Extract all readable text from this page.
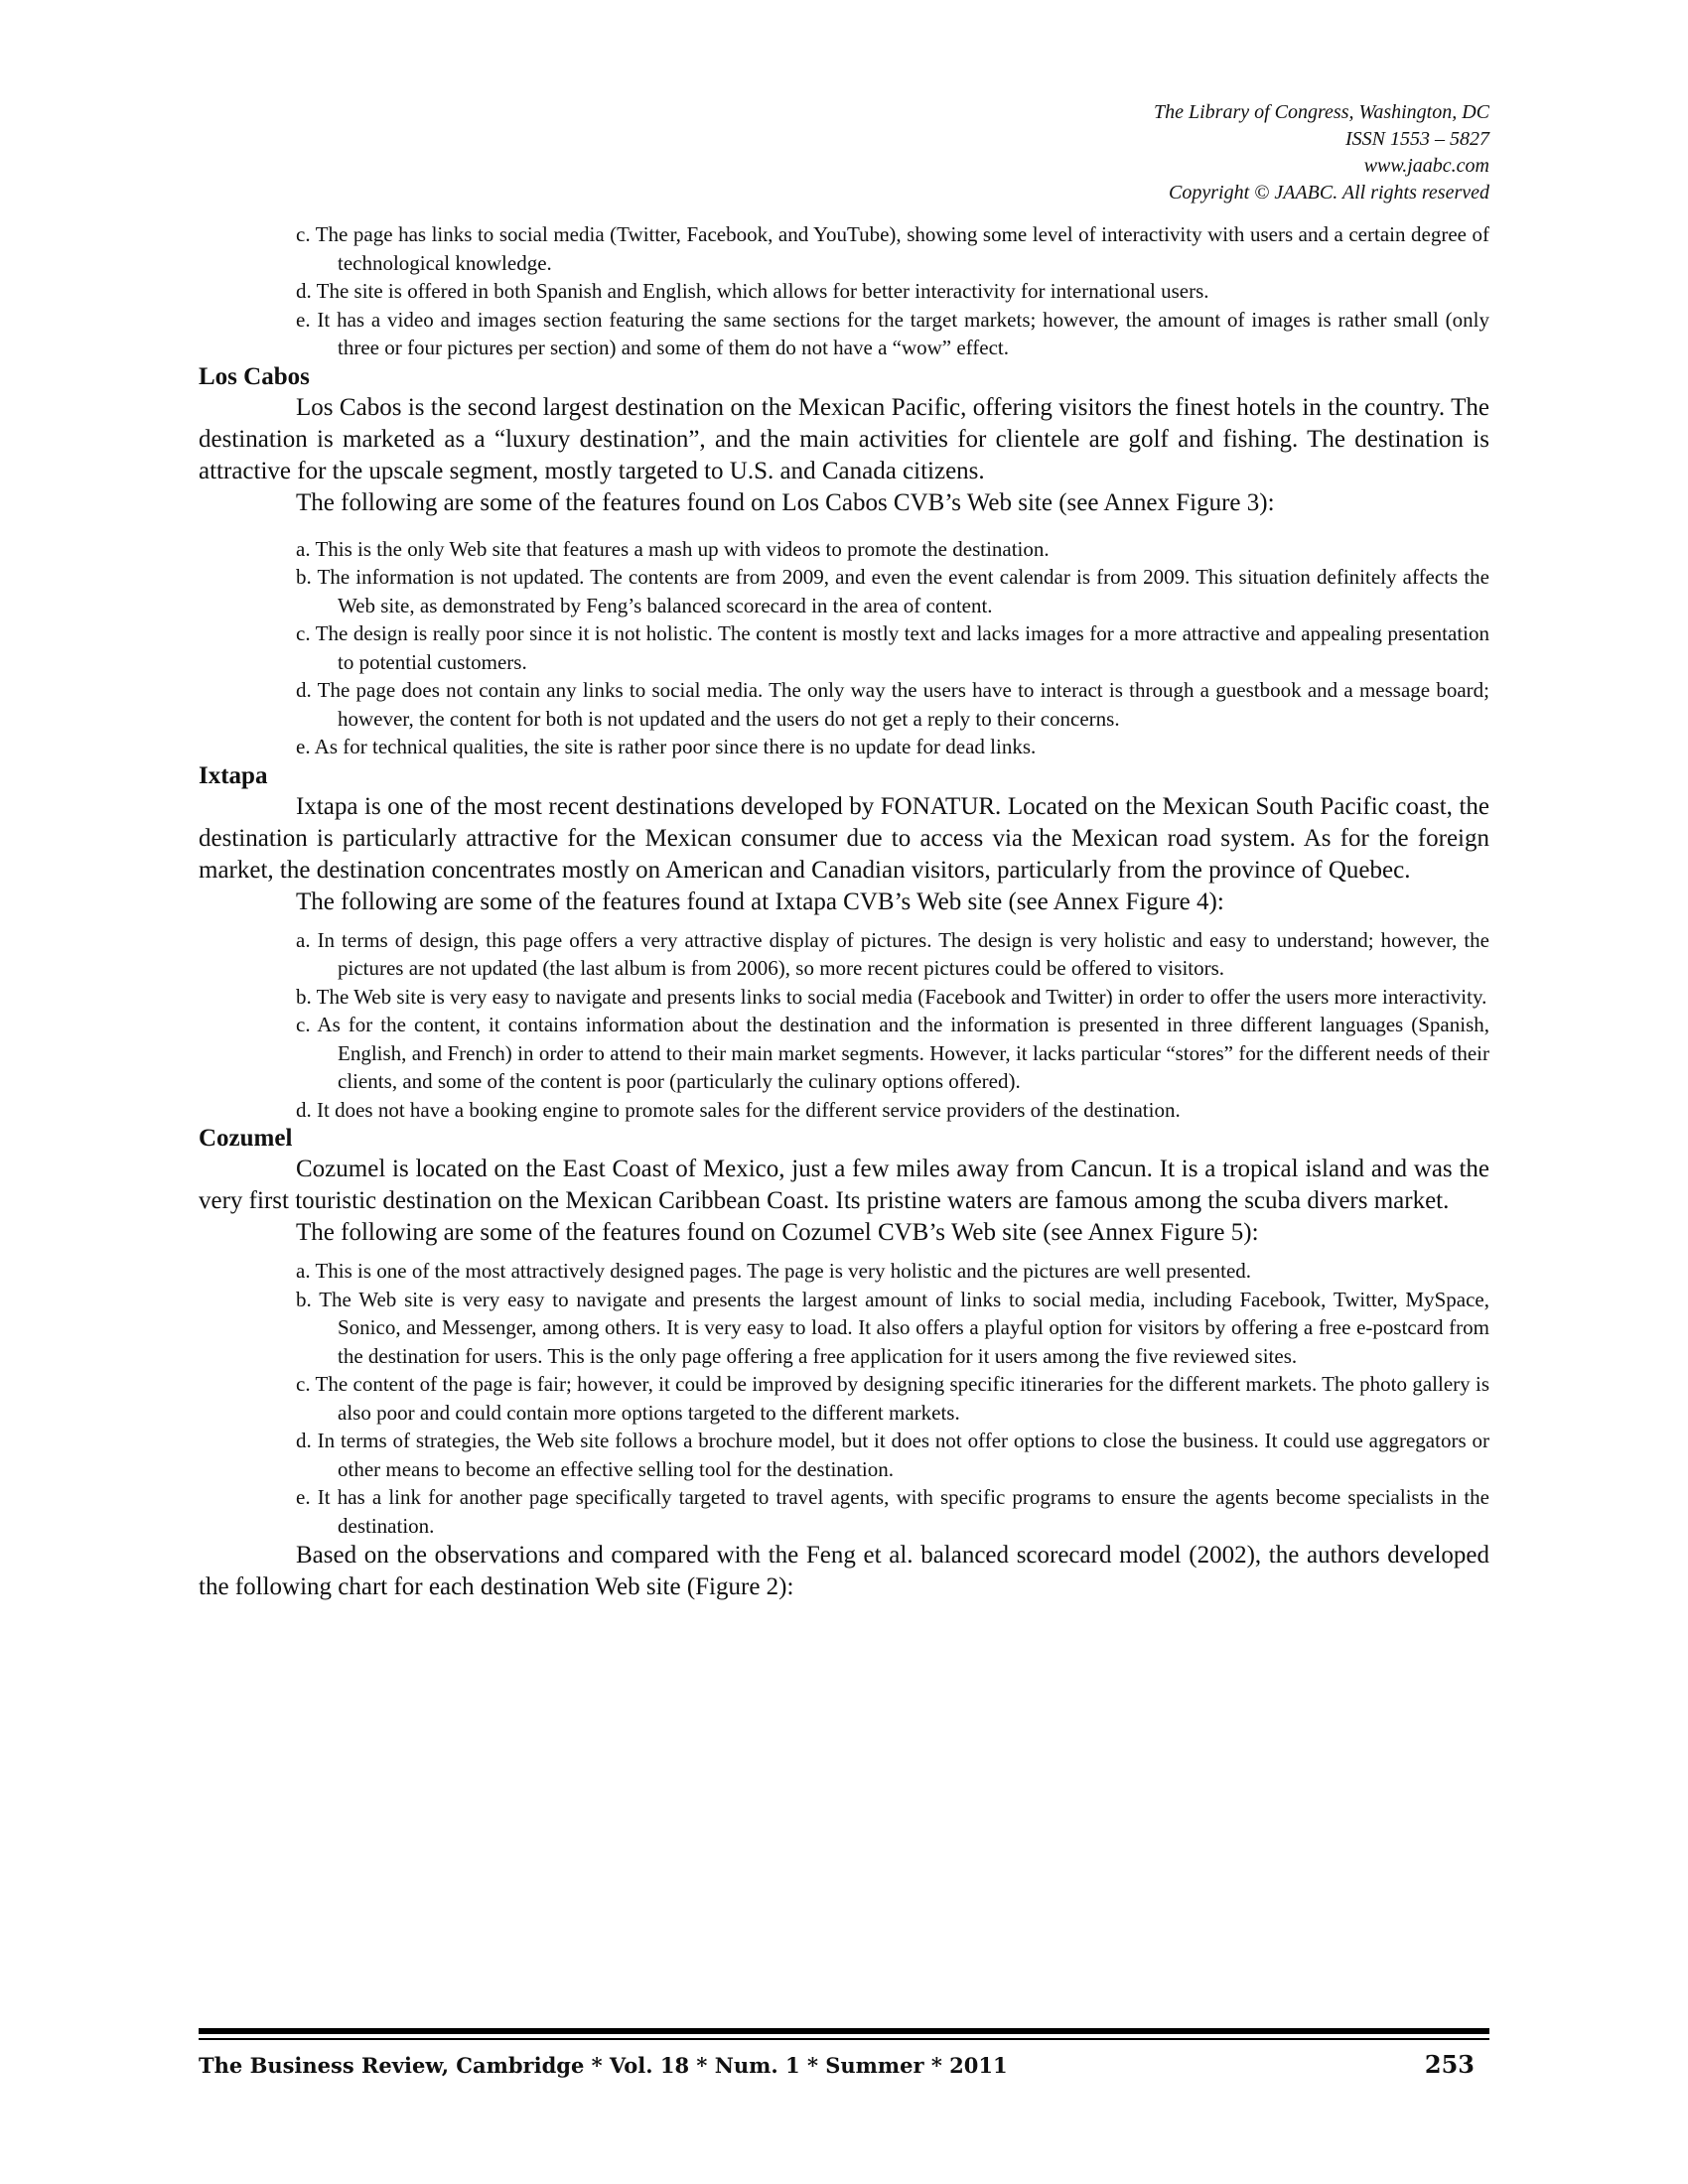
The Library of Congress, Washington, DC
ISSN 1553 – 5827
www.jaabc.com
Copyright © JAABC. All rights reserved
c. The page has links to social media (Twitter, Facebook, and YouTube), showing some level of interactivity with users and a certain degree of technological knowledge.
d. The site is offered in both Spanish and English, which allows for better interactivity for international users.
e. It has a video and images section featuring the same sections for the target markets; however, the amount of images is rather small (only three or four pictures per section) and some of them do not have a “wow” effect.
Los Cabos

Los Cabos is the second largest destination on the Mexican Pacific, offering visitors the finest hotels in the country. The destination is marketed as a “luxury destination”, and the main activities for clientele are golf and fishing. The destination is attractive for the upscale segment, mostly targeted to U.S. and Canada citizens.

The following are some of the features found on Los Cabos CVB’s Web site (see Annex Figure 3):

a. This is the only Web site that features a mash up with videos to promote the destination.
b. The information is not updated. The contents are from 2009, and even the event calendar is from 2009. This situation definitely affects the Web site, as demonstrated by Feng’s balanced scorecard in the area of content.
c. The design is really poor since it is not holistic. The content is mostly text and lacks images for a more attractive and appealing presentation to potential customers.
d. The page does not contain any links to social media. The only way the users have to interact is through a guestbook and a message board; however, the content for both is not updated and the users do not get a reply to their concerns.
e. As for technical qualities, the site is rather poor since there is no update for dead links.
Ixtapa

Ixtapa is one of the most recent destinations developed by FONATUR. Located on the Mexican South Pacific coast, the destination is particularly attractive for the Mexican consumer due to access via the Mexican road system. As for the foreign market, the destination concentrates mostly on American and Canadian visitors, particularly from the province of Quebec.

The following are some of the features found at Ixtapa CVB’s Web site (see Annex Figure 4):

a. In terms of design, this page offers a very attractive display of pictures. The design is very holistic and easy to understand; however, the pictures are not updated (the last album is from 2006), so more recent pictures could be offered to visitors.
b. The Web site is very easy to navigate and presents links to social media (Facebook and Twitter) in order to offer the users more interactivity.
c. As for the content, it contains information about the destination and the information is presented in three different languages (Spanish, English, and French) in order to attend to their main market segments. However, it lacks particular “stores” for the different needs of their clients, and some of the content is poor (particularly the culinary options offered).
d. It does not have a booking engine to promote sales for the different service providers of the destination.
Cozumel

Cozumel is located on the East Coast of Mexico, just a few miles away from Cancun. It is a tropical island and was the very first touristic destination on the Mexican Caribbean Coast. Its pristine waters are famous among the scuba divers market.

The following are some of the features found on Cozumel CVB’s Web site (see Annex Figure 5):

a. This is one of the most attractively designed pages. The page is very holistic and the pictures are well presented.
b. The Web site is very easy to navigate and presents the largest amount of links to social media, including Facebook, Twitter, MySpace, Sonico, and Messenger, among others. It is very easy to load. It also offers a playful option for visitors by offering a free e-postcard from the destination for users. This is the only page offering a free application for it users among the five reviewed sites.
c. The content of the page is fair; however, it could be improved by designing specific itineraries for the different markets. The photo gallery is also poor and could contain more options targeted to the different markets.
d. In terms of strategies, the Web site follows a brochure model, but it does not offer options to close the business. It could use aggregators or other means to become an effective selling tool for the destination.
e. It has a link for another page specifically targeted to travel agents, with specific programs to ensure the agents become specialists in the destination.

Based on the observations and compared with the Feng et al. balanced scorecard model (2002), the authors developed the following chart for each destination Web site (Figure 2):

The Business Review, Cambridge * Vol. 18 * Num. 1 * Summer * 2011	253
